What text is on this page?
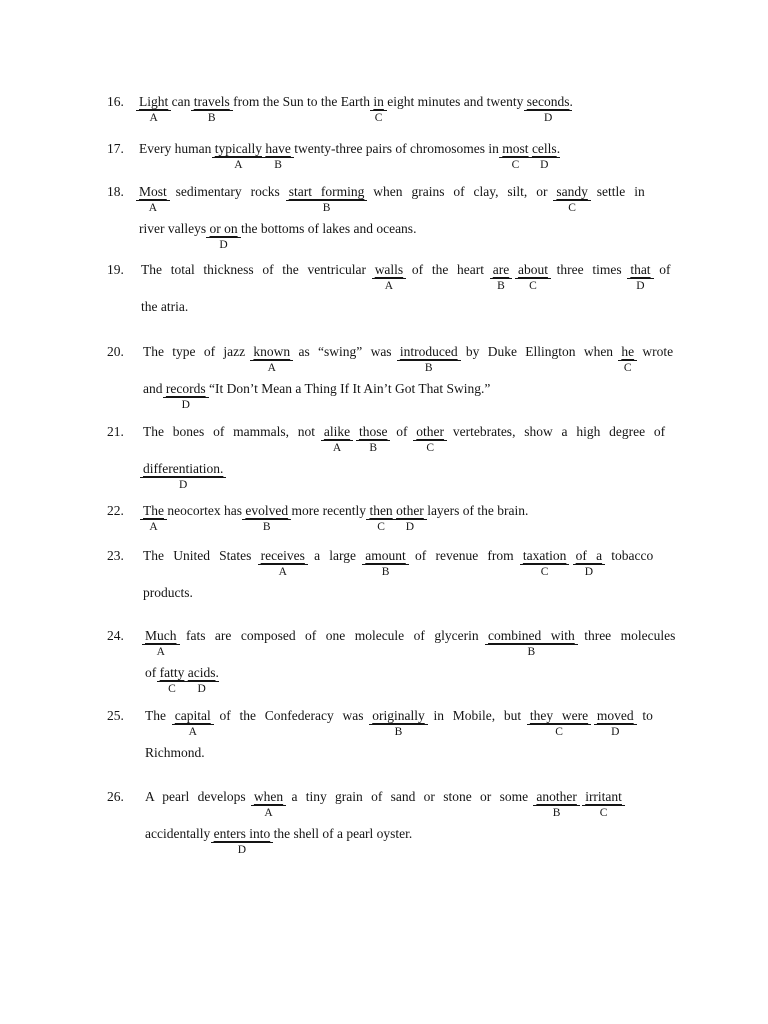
16. Light
A
can travels
B
from the Sun to the Earth in
C
eight minutes and twenty seconds
D
.
17. Every human typically
A
have
B
twenty-three pairs of chromosomes in most
C
cells
D
.
18. Most
A
sedimentary rocks start forming
B
when grains of clay, silt, or sandy
C
settle in
river valleys or on
D
the bottoms of lakes and oceans.
19. The total thickness of the ventricular walls
A
of the heart are
B
about
C
three times that
D
of
the atria.
20. The type of jazz known
A
as “swing” was introduced
B
by Duke Ellington when he
C
wrote
and records
D
“It Don’t Mean a Thing If It Ain’t Got That Swing.”
21. The bones of mammals, not alike
A
those
B
of other
C
vertebrates, show a high degree of
differentiation.
D
22. The
A
neocortex has evolved
B
more recently then
C
other
D
layers of the brain.
23. The United States receives
A
a large amount
B
of revenue from taxation
C
of a
D
tobacco
products.
24. Much
A
fats are composed of one molecule of glycerin combined with
B
three molecules
of fatty
C
acids
D
.
25. The capital
A
of the Confederacy was originally
B
in Mobile, but they were
C
moved
D
to
Richmond.
26. A pearl develops when
A
a tiny grain of sand or stone or some another
B
irritant
C
accidentally enters into
D
the shell of a pearl oyster.
